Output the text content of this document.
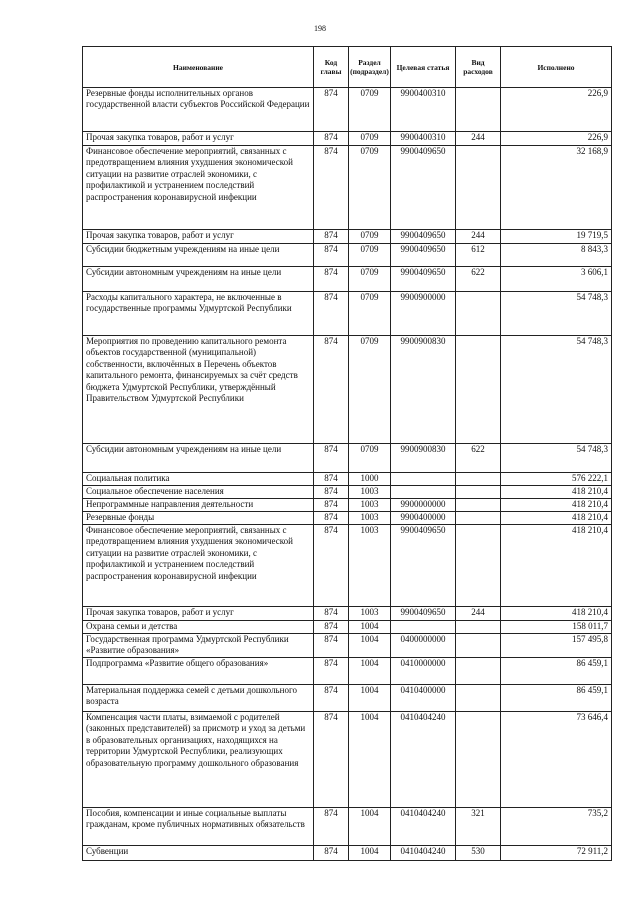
198
Наименование	Код главы	Раздел (подраздел)	Целевая статья	Вид расходов	Исполнено
Резервные фонды исполнительных органов государственной власти субъектов Российской Федерации	874	0709	9900400310		226,9
Прочая закупка товаров, работ и услуг	874	0709	9900400310	244	226,9
Финансовое обеспечение мероприятий, связанных с предотвращением влияния ухудшения экономической ситуации на развитие отраслей экономики, с профилактикой и устранением последствий распространения коронавирусной инфекции	874	0709	9900409650		32 168,9
Прочая закупка товаров, работ и услуг	874	0709	9900409650	244	19 719,5
Субсидии бюджетным учреждениям на иные цели	874	0709	9900409650	612	8 843,3
Субсидии автономным учреждениям на иные цели	874	0709	9900409650	622	3 606,1
Расходы капитального характера, не включенные в государственные программы Удмуртской Республики	874	0709	9900900000		54 748,3
Мероприятия по проведению капитального ремонта объектов государственной (муниципальной) собственности, включённых в Перечень объектов капитального ремонта, финансируемых за счёт средств бюджета Удмуртской Республики, утверждённый Правительством Удмуртской Республики	874	0709	9900900830		54 748,3
Субсидии автономным учреждениям на иные цели	874	0709	9900900830	622	54 748,3
Социальная политика	874	1000			576 222,1
Социальное обеспечение населения	874	1003			418 210,4
Непрограммные направления деятельности	874	1003	9900000000		418 210,4
Резервные фонды	874	1003	9900400000		418 210,4
Финансовое обеспечение мероприятий, связанных с предотвращением влияния ухудшения экономической ситуации на развитие отраслей экономики, с профилактикой и устранением последствий распространения коронавирусной инфекции	874	1003	9900409650		418 210,4
Прочая закупка товаров, работ и услуг	874	1003	9900409650	244	418 210,4
Охрана семьи и детства	874	1004			158 011,7
Государственная программа Удмуртской Республики «Развитие образования»	874	1004	0400000000		157 495,8
Подпрограмма «Развитие общего образования»	874	1004	0410000000		86 459,1
Материальная поддержка семей с детьми дошкольного возраста	874	1004	0410400000		86 459,1
Компенсация части платы, взимаемой с родителей (законных представителей) за присмотр и уход за детьми в образовательных организациях, находящихся на территории Удмуртской Республики, реализующих образовательную программу дошкольного образования	874	1004	0410404240		73 646,4
Пособия, компенсации и иные социальные выплаты гражданам, кроме публичных нормативных обязательств	874	1004	0410404240	321	735,2
Субвенции	874	1004	0410404240	530	72 911,2
